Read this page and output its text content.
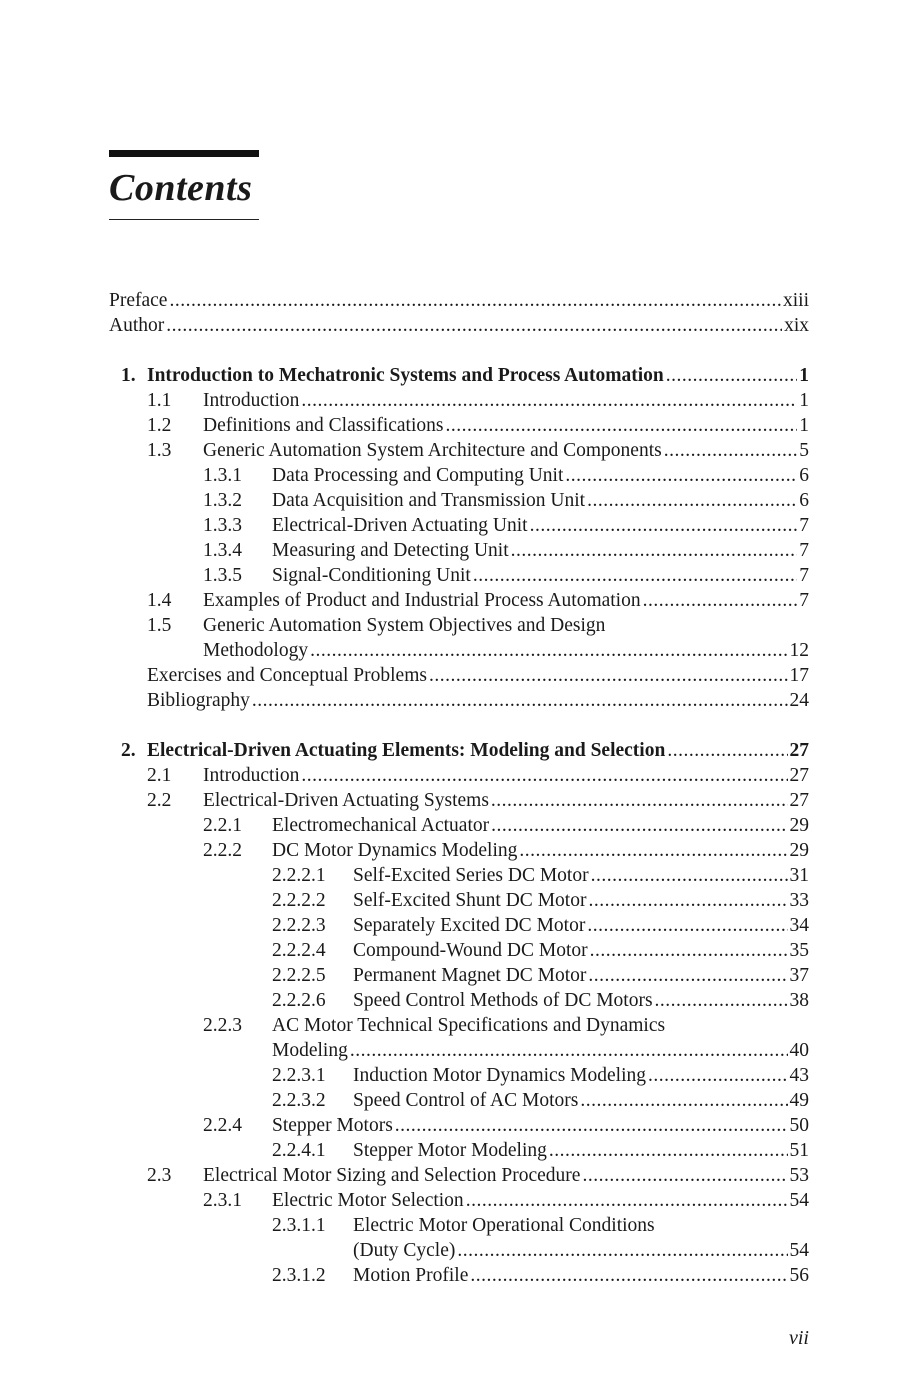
Contents
Preface .....	xiii
Author .....	xix
1. Introduction to Mechatronic Systems and Process Automation .....	1
1.1 Introduction .....	1
1.2 Definitions and Classifications .....	1
1.3 Generic Automation System Architecture and Components .....	5
1.3.1 Data Processing and Computing Unit .....	6
1.3.2 Data Acquisition and Transmission Unit .....	6
1.3.3 Electrical-Driven Actuating Unit .....	7
1.3.4 Measuring and Detecting Unit .....	7
1.3.5 Signal-Conditioning Unit .....	7
1.4 Examples of Product and Industrial Process Automation .....	7
1.5 Generic Automation System Objectives and Design
Methodology .....	12
Exercises and Conceptual Problems .....	17
Bibliography .....	24
2. Electrical-Driven Actuating Elements: Modeling and Selection .....	27
2.1 Introduction .....	27
2.2 Electrical-Driven Actuating Systems .....	27
2.2.1 Electromechanical Actuator .....	29
2.2.2 DC Motor Dynamics Modeling .....	29
2.2.2.1 Self-Excited Series DC Motor .....	31
2.2.2.2 Self-Excited Shunt DC Motor .....	33
2.2.2.3 Separately Excited DC Motor .....	34
2.2.2.4 Compound-Wound DC Motor .....	35
2.2.2.5 Permanent Magnet DC Motor .....	37
2.2.2.6 Speed Control Methods of DC Motors .....	38
2.2.3 AC Motor Technical Specifications and Dynamics
Modeling .....	40
2.2.3.1 Induction Motor Dynamics Modeling .....	43
2.2.3.2 Speed Control of AC Motors .....	49
2.2.4 Stepper Motors .....	50
2.2.4.1 Stepper Motor Modeling .....	51
2.3 Electrical Motor Sizing and Selection Procedure .....	53
2.3.1 Electric Motor Selection .....	54
2.3.1.1 Electric Motor Operational Conditions
(Duty Cycle) .....	54
2.3.1.2 Motion Profile .....	56
vii
